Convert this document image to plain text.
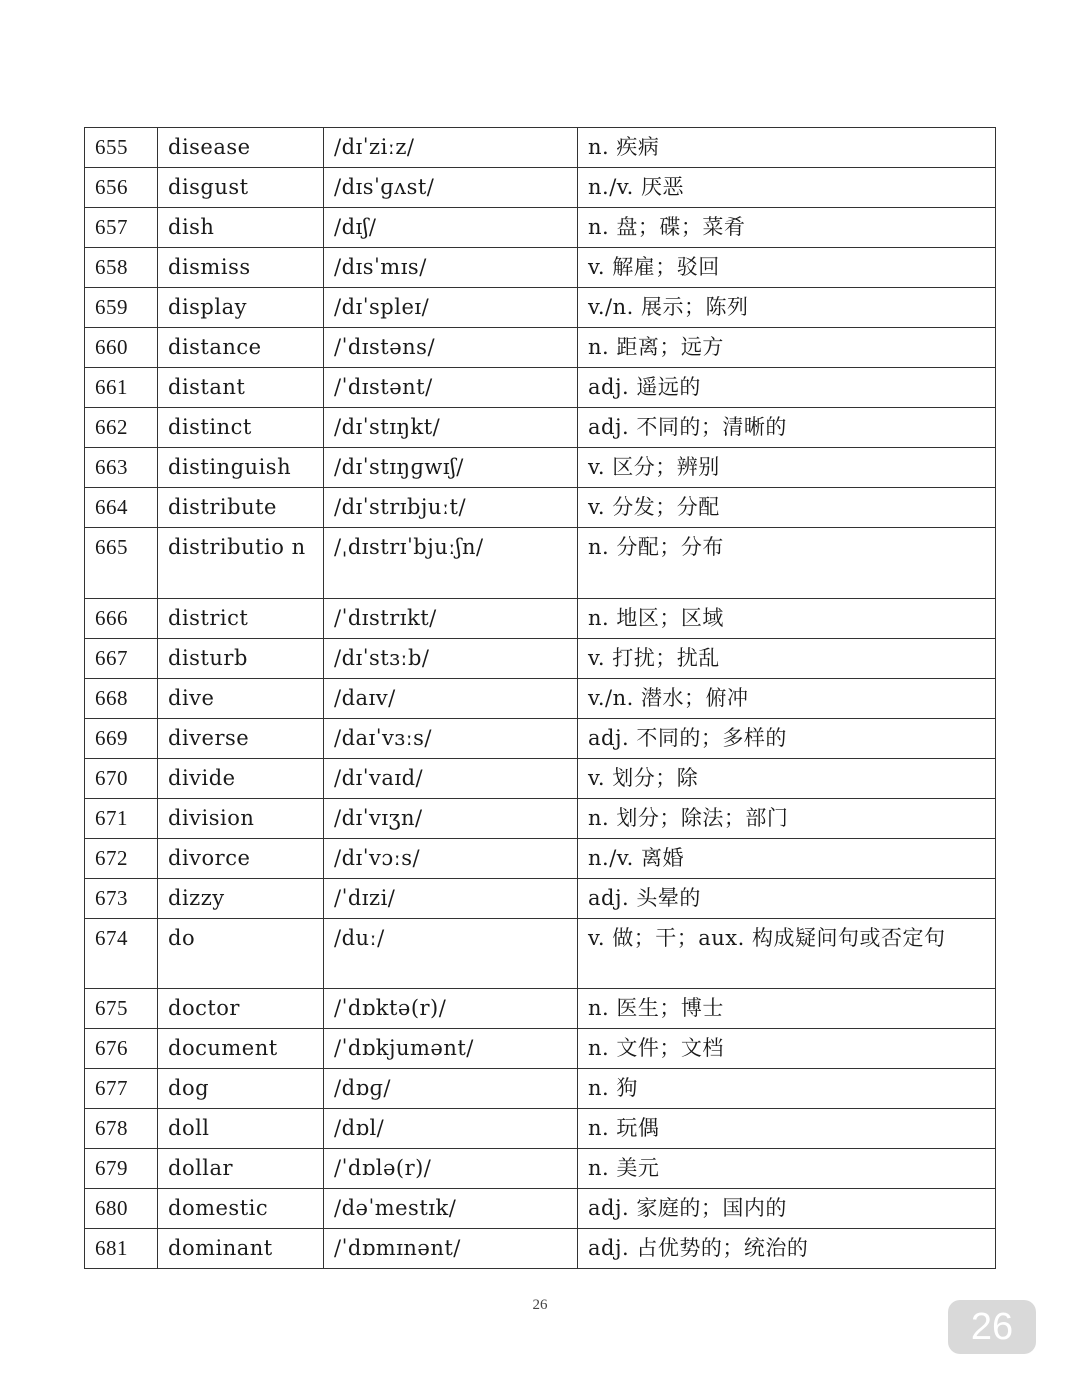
655	disease	/dɪˈziːz/	n. 疾病
656	disgust	/dɪsˈɡʌst/	n./v. 厌恶
657	dish	/dɪʃ/	n. 盘；碟；菜肴
658	dismiss	/dɪsˈmɪs/	v. 解雇；驳回
659	display	/dɪˈspleɪ/	v./n. 展示；陈列
660	distance	/ˈdɪstəns/	n. 距离；远方
661	distant	/ˈdɪstənt/	adj. 遥远的
662	distinct	/dɪˈstɪŋkt/	adj. 不同的；清晰的
663	distinguish	/dɪˈstɪŋɡwɪʃ/	v. 区分；辨别
664	distribute	/dɪˈstrɪbjuːt/	v. 分发；分配
665	distributio n	/ˌdɪstrɪˈbjuːʃn/	n. 分配；分布
666	district	/ˈdɪstrɪkt/	n. 地区；区域
667	disturb	/dɪˈstɜːb/	v. 打扰；扰乱
668	dive	/daɪv/	v./n. 潜水；俯冲
669	diverse	/daɪˈvɜːs/	adj. 不同的；多样的
670	divide	/dɪˈvaɪd/	v. 划分；除
671	division	/dɪˈvɪʒn/	n. 划分；除法；部门
672	divorce	/dɪˈvɔːs/	n./v. 离婚
673	dizzy	/ˈdɪzi/	adj. 头晕的
674	do	/duː/	v. 做；干；aux. 构成疑问句或否定句
675	doctor	/ˈdɒktə(r)/	n. 医生；博士
676	document	/ˈdɒkjumənt/	n. 文件；文档
677	dog	/dɒɡ/	n. 狗
678	doll	/dɒl/	n. 玩偶
679	dollar	/ˈdɒlə(r)/	n. 美元
680	domestic	/dəˈmestɪk/	adj. 家庭的；国内的
681	dominant	/ˈdɒmɪnənt/	adj. 占优势的；统治的
26
26
